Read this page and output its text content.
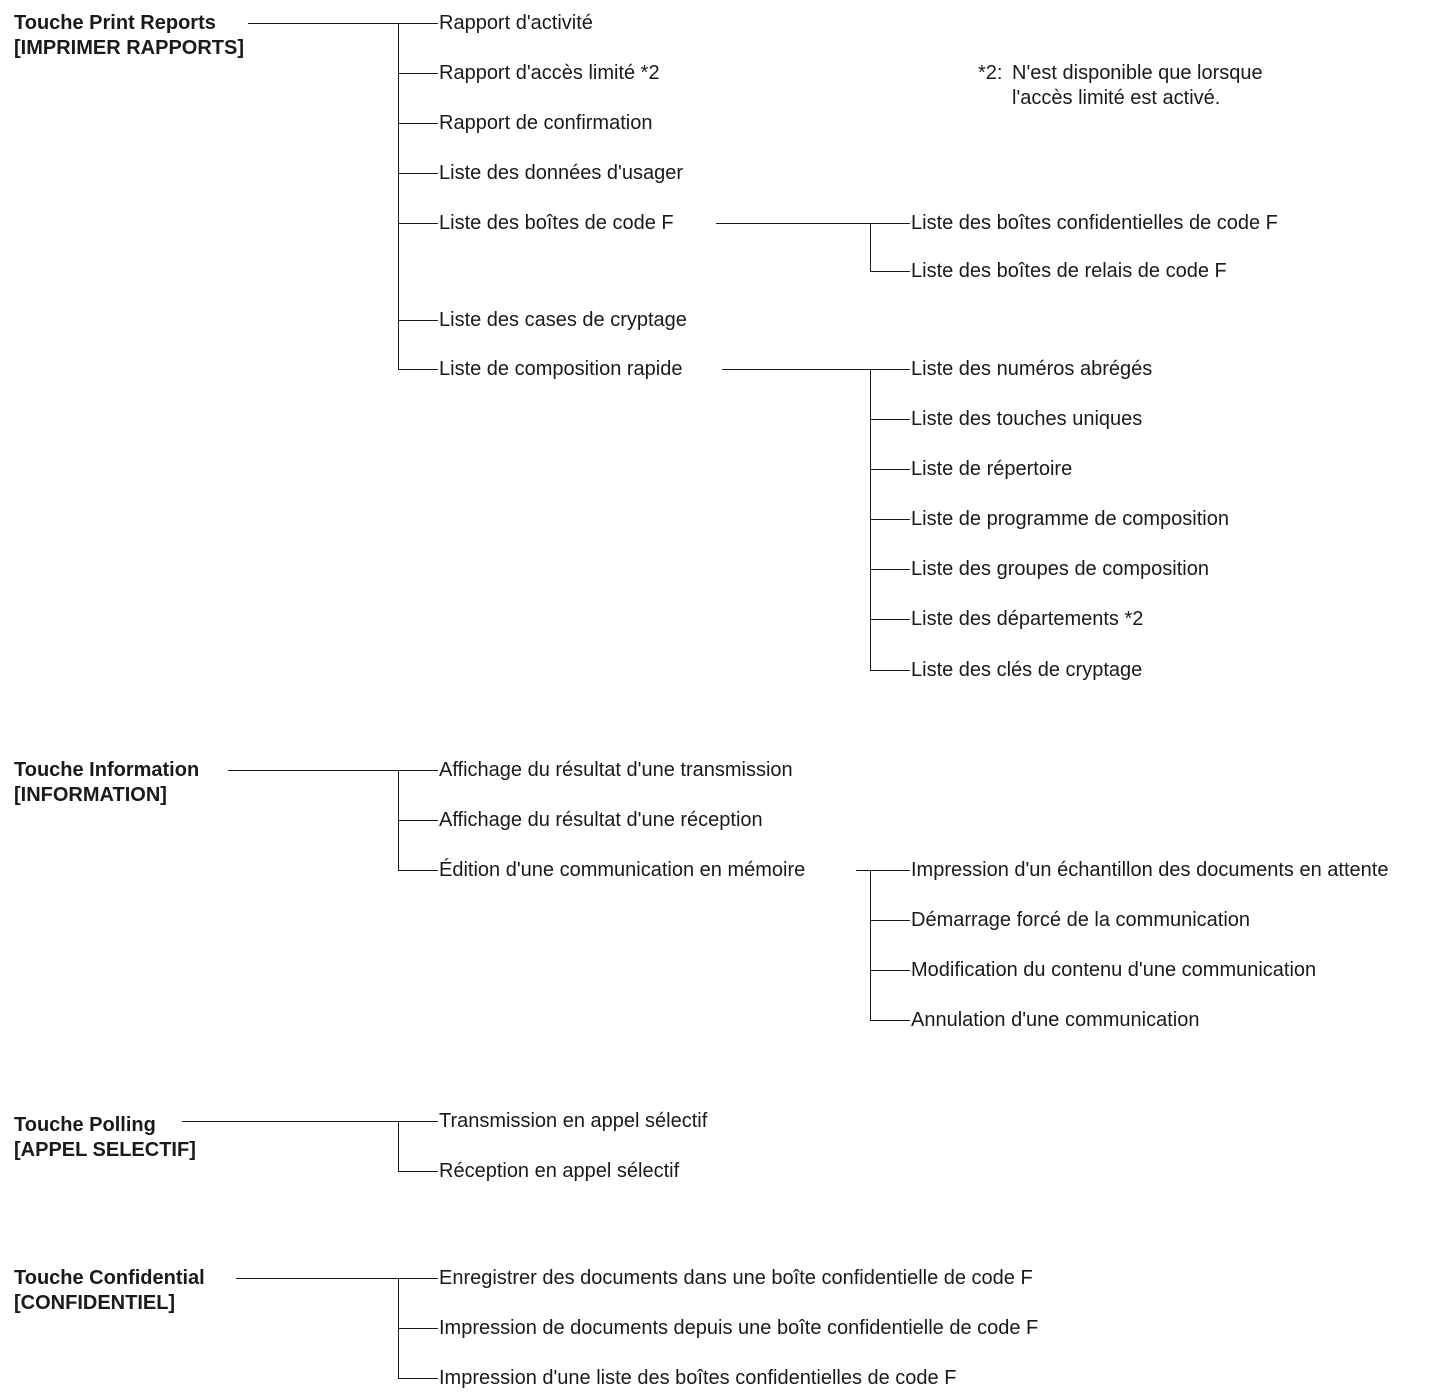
*2: N'est disponible que lorsque
l'accès limité est activé.
Touche Print Reports
[IMPRIMER RAPPORTS]
Rapport d'activité
Rapport d'accès limité *2
Rapport de confirmation
Liste des données d'usager
Liste des boîtes de code F	Liste des boîtes confidentielles de code F
Liste des boîtes de relais de code F
Liste des cases de cryptage
Liste de composition rapide	Liste des numéros abrégés
Liste des touches uniques
Liste de répertoire
Liste de programme de composition
Liste des groupes de composition
Liste des départements *2
Liste des clés de cryptage
Touche Information
[INFORMATION]
Affichage du résultat d'une transmission
Affichage du résultat d'une réception
Édition d'une communication en mémoire	Impression d'un échantillon des documents en attente
Démarrage forcé de la communication
Modification du contenu d'une communication
Annulation d'une communication
Touche Polling
[APPEL SELECTIF]
Transmission en appel sélectif
Réception en appel sélectif
Touche Confidential
[CONFIDENTIEL]
Enregistrer des documents dans une boîte confidentielle de code F
Impression de documents depuis une boîte confidentielle de code F
Impression d'une liste des boîtes confidentielles de code F
